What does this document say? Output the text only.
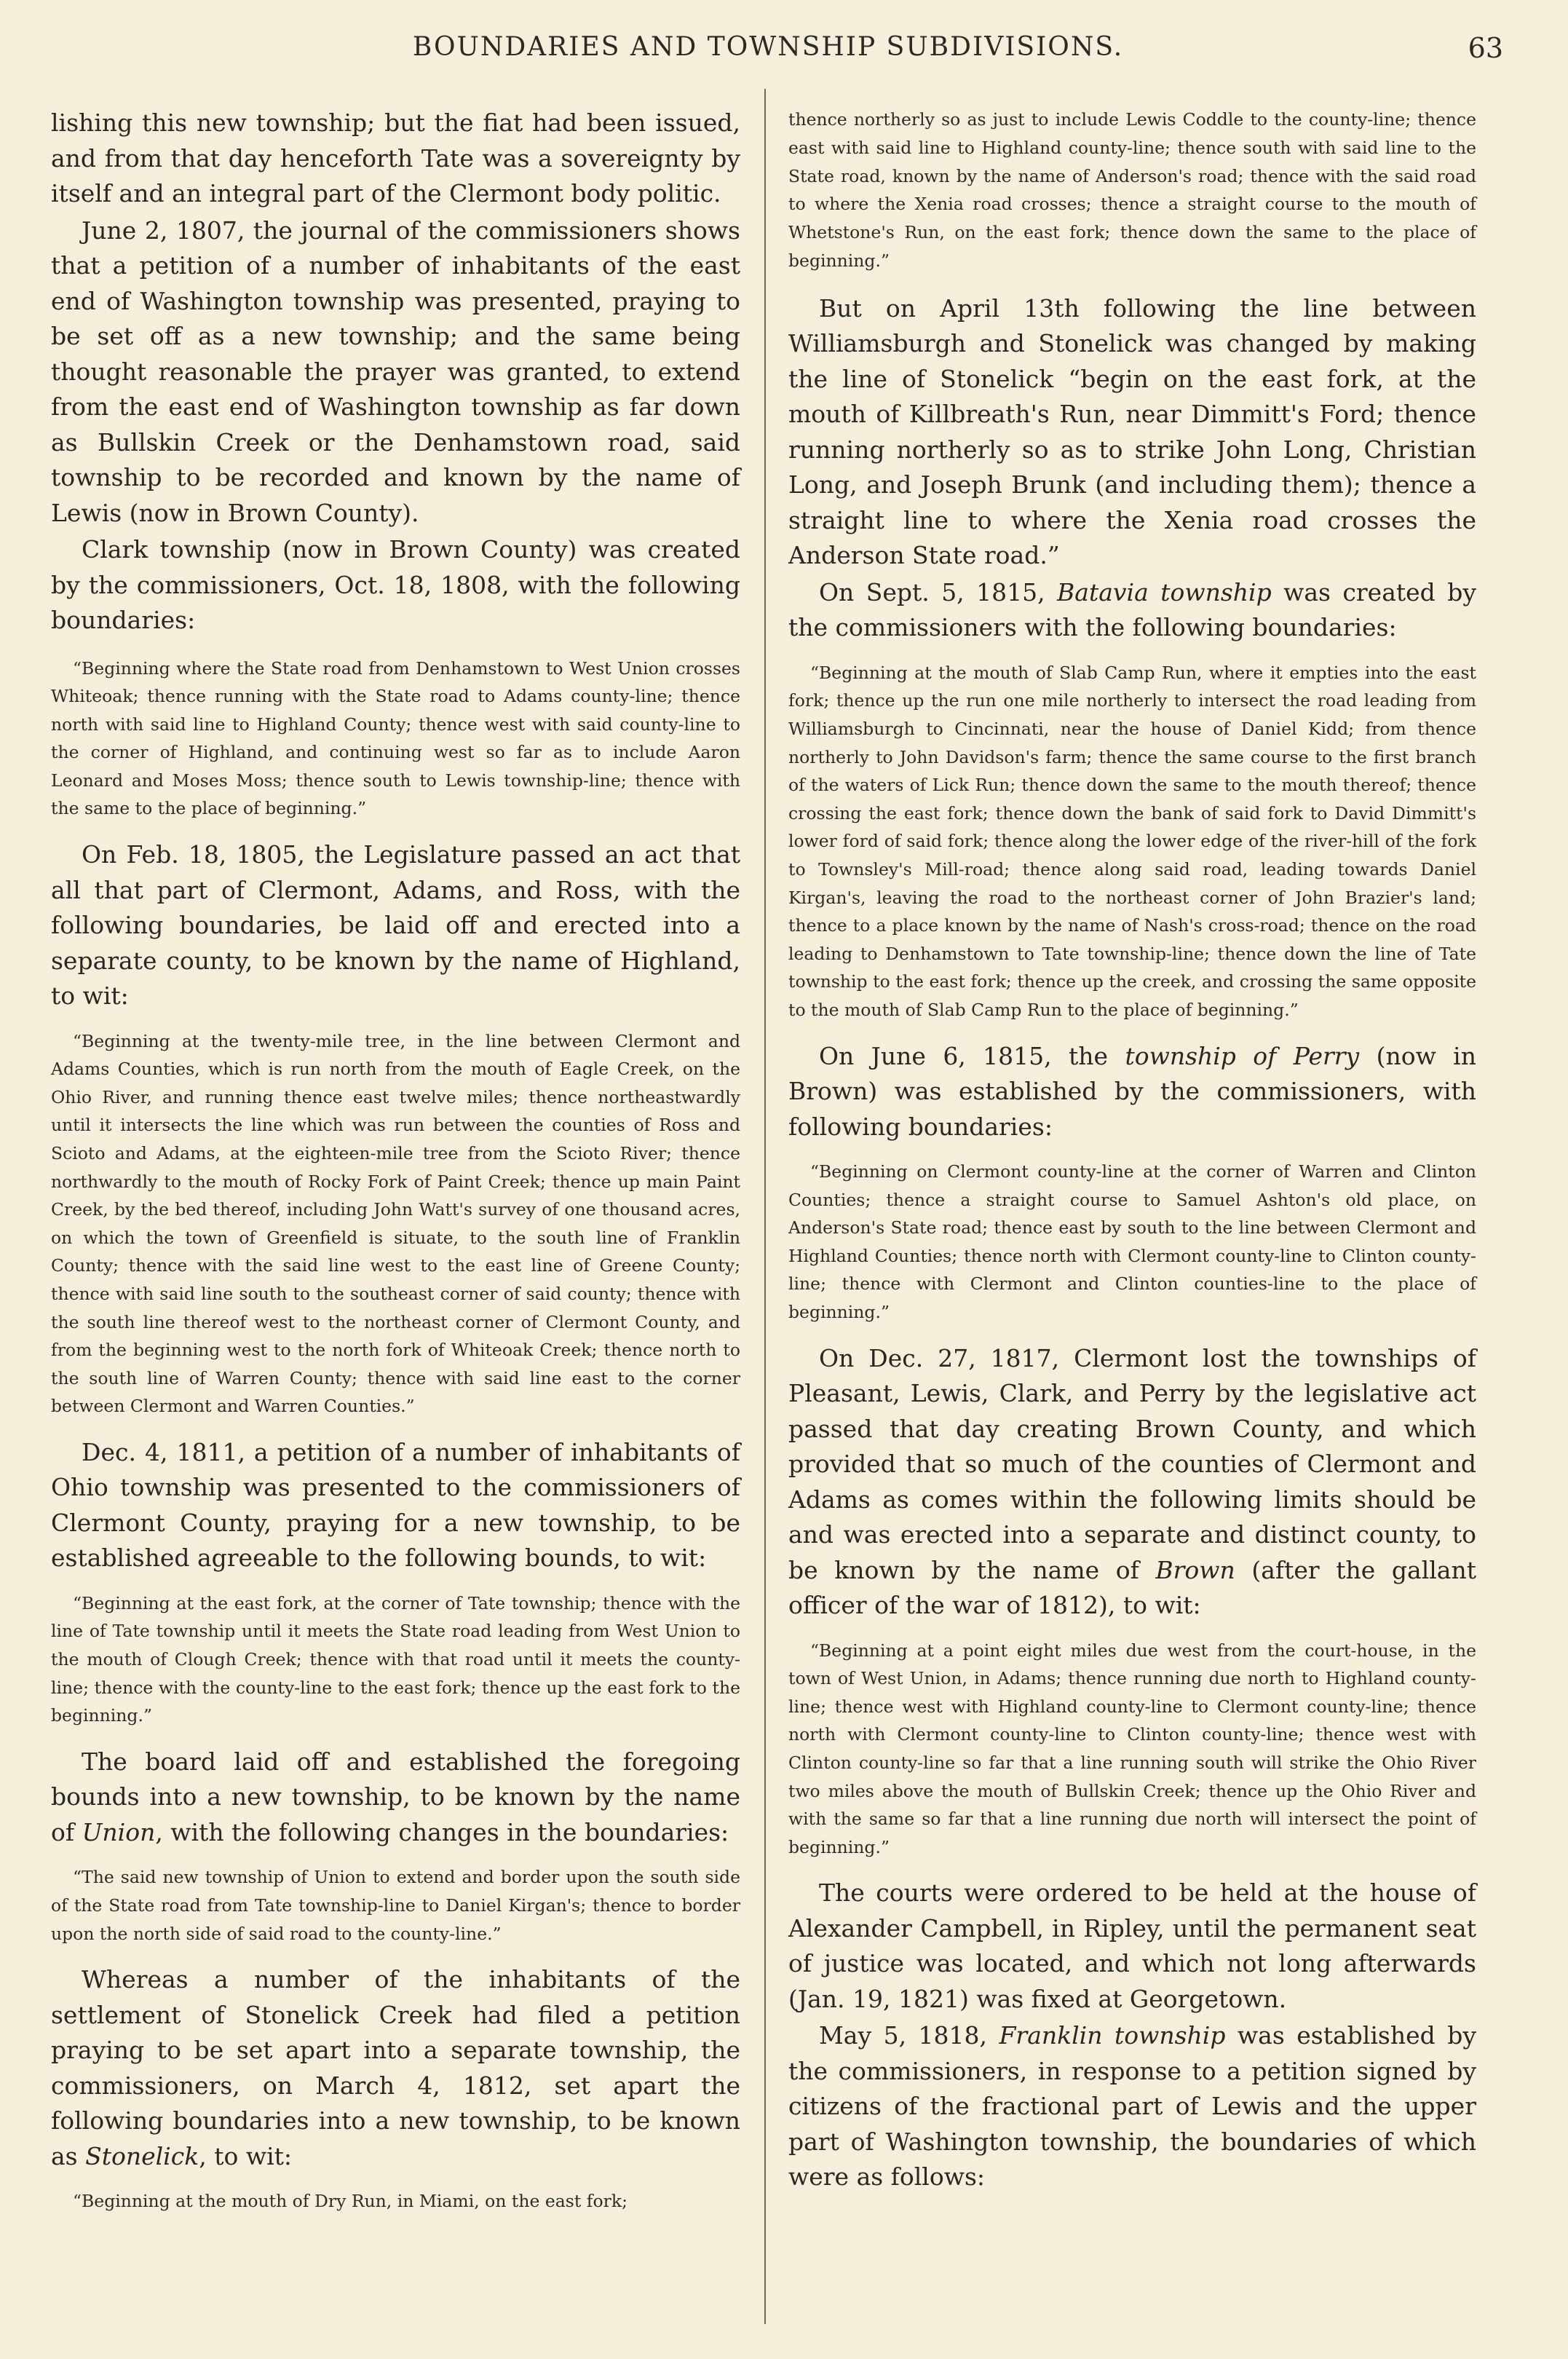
BOUNDARIES AND TOWNSHIP SUBDIVISIONS.	63

lishing this new township; but the fiat had been issued, and from that day henceforth Tate was a sovereignty by itself and an integral part of the Clermont body politic.

June 2, 1807, the journal of the commissioners shows that a petition of a number of inhabitants of the east end of Washington township was presented, praying to be set off as a new township; and the same being thought reasonable the prayer was granted, to extend from the east end of Washington township as far down as Bullskin Creek or the Denhamstown road, said township to be recorded and known by the name of Lewis (now in Brown County).

Clark township (now in Brown County) was created by the commissioners, Oct. 18, 1808, with the following boundaries:

“Beginning where the State road from Denhamstown to West Union crosses Whiteoak; thence running with the State road to Adams county-line; thence north with said line to Highland County; thence west with said county-line to the corner of Highland, and continuing west so far as to include Aaron Leonard and Moses Moss; thence south to Lewis township-line; thence with the same to the place of beginning.”

On Feb. 18, 1805, the Legislature passed an act that all that part of Clermont, Adams, and Ross, with the following boundaries, be laid off and erected into a separate county, to be known by the name of Highland, to wit:

“Beginning at the twenty-mile tree, in the line between Clermont and Adams Counties, which is run north from the mouth of Eagle Creek, on the Ohio River, and running thence east twelve miles; thence northeastwardly until it intersects the line which was run between the counties of Ross and Scioto and Adams, at the eighteen-mile tree from the Scioto River; thence northwardly to the mouth of Rocky Fork of Paint Creek; thence up main Paint Creek, by the bed thereof, including John Watt's survey of one thousand acres, on which the town of Greenfield is situate, to the south line of Franklin County; thence with the said line west to the east line of Greene County; thence with said line south to the southeast corner of said county; thence with the south line thereof west to the northeast corner of Clermont County, and from the beginning west to the north fork of Whiteoak Creek; thence north to the south line of Warren County; thence with said line east to the corner between Clermont and Warren Counties.”

Dec. 4, 1811, a petition of a number of inhabitants of Ohio township was presented to the commissioners of Clermont County, praying for a new township, to be established agreeable to the following bounds, to wit:

“Beginning at the east fork, at the corner of Tate township; thence with the line of Tate township until it meets the State road leading from West Union to the mouth of Clough Creek; thence with that road until it meets the county-line; thence with the county-line to the east fork; thence up the east fork to the beginning.”

The board laid off and established the foregoing bounds into a new township, to be known by the name of Union, with the following changes in the boundaries:

“The said new township of Union to extend and border upon the south side of the State road from Tate township-line to Daniel Kirgan's; thence to border upon the north side of said road to the county-line.”

Whereas a number of the inhabitants of the settlement of Stonelick Creek had filed a petition praying to be set apart into a separate township, the commissioners, on March 4, 1812, set apart the following boundaries into a new township, to be known as Stonelick, to wit:

“Beginning at the mouth of Dry Run, in Miami, on the east fork;

thence northerly so as just to include Lewis Coddle to the county-line; thence east with said line to Highland county-line; thence south with said line to the State road, known by the name of Anderson's road; thence with the said road to where the Xenia road crosses; thence a straight course to the mouth of Whetstone's Run, on the east fork; thence down the same to the place of beginning.”

But on April 13th following the line between Williamsburgh and Stonelick was changed by making the line of Stonelick “begin on the east fork, at the mouth of Killbreath's Run, near Dimmitt's Ford; thence running northerly so as to strike John Long, Christian Long, and Joseph Brunk (and including them); thence a straight line to where the Xenia road crosses the Anderson State road.”

On Sept. 5, 1815, Batavia township was created by the commissioners with the following boundaries:

“Beginning at the mouth of Slab Camp Run, where it empties into the east fork; thence up the run one mile northerly to intersect the road leading from Williamsburgh to Cincinnati, near the house of Daniel Kidd; from thence northerly to John Davidson's farm; thence the same course to the first branch of the waters of Lick Run; thence down the same to the mouth thereof; thence crossing the east fork; thence down the bank of said fork to David Dimmitt's lower ford of said fork; thence along the lower edge of the river-hill of the fork to Townsley's Mill-road; thence along said road, leading towards Daniel Kirgan's, leaving the road to the northeast corner of John Brazier's land; thence to a place known by the name of Nash's cross-road; thence on the road leading to Denhamstown to Tate township-line; thence down the line of Tate township to the east fork; thence up the creek, and crossing the same opposite to the mouth of Slab Camp Run to the place of beginning.”

On June 6, 1815, the township of Perry (now in Brown) was established by the commissioners, with following boundaries:

“Beginning on Clermont county-line at the corner of Warren and Clinton Counties; thence a straight course to Samuel Ashton's old place, on Anderson's State road; thence east by south to the line between Clermont and Highland Counties; thence north with Clermont county-line to Clinton county-line; thence with Clermont and Clinton counties-line to the place of beginning.”

On Dec. 27, 1817, Clermont lost the townships of Pleasant, Lewis, Clark, and Perry by the legislative act passed that day creating Brown County, and which provided that so much of the counties of Clermont and Adams as comes within the following limits should be and was erected into a separate and distinct county, to be known by the name of Brown (after the gallant officer of the war of 1812), to wit:

“Beginning at a point eight miles due west from the court-house, in the town of West Union, in Adams; thence running due north to Highland county-line; thence west with Highland county-line to Clermont county-line; thence north with Clermont county-line to Clinton county-line; thence west with Clinton county-line so far that a line running south will strike the Ohio River two miles above the mouth of Bullskin Creek; thence up the Ohio River and with the same so far that a line running due north will intersect the point of beginning.”

The courts were ordered to be held at the house of Alexander Campbell, in Ripley, until the permanent seat of justice was located, and which not long afterwards (Jan. 19, 1821) was fixed at Georgetown.

May 5, 1818, Franklin township was established by the commissioners, in response to a petition signed by citizens of the fractional part of Lewis and the upper part of Washington township, the boundaries of which were as follows:
